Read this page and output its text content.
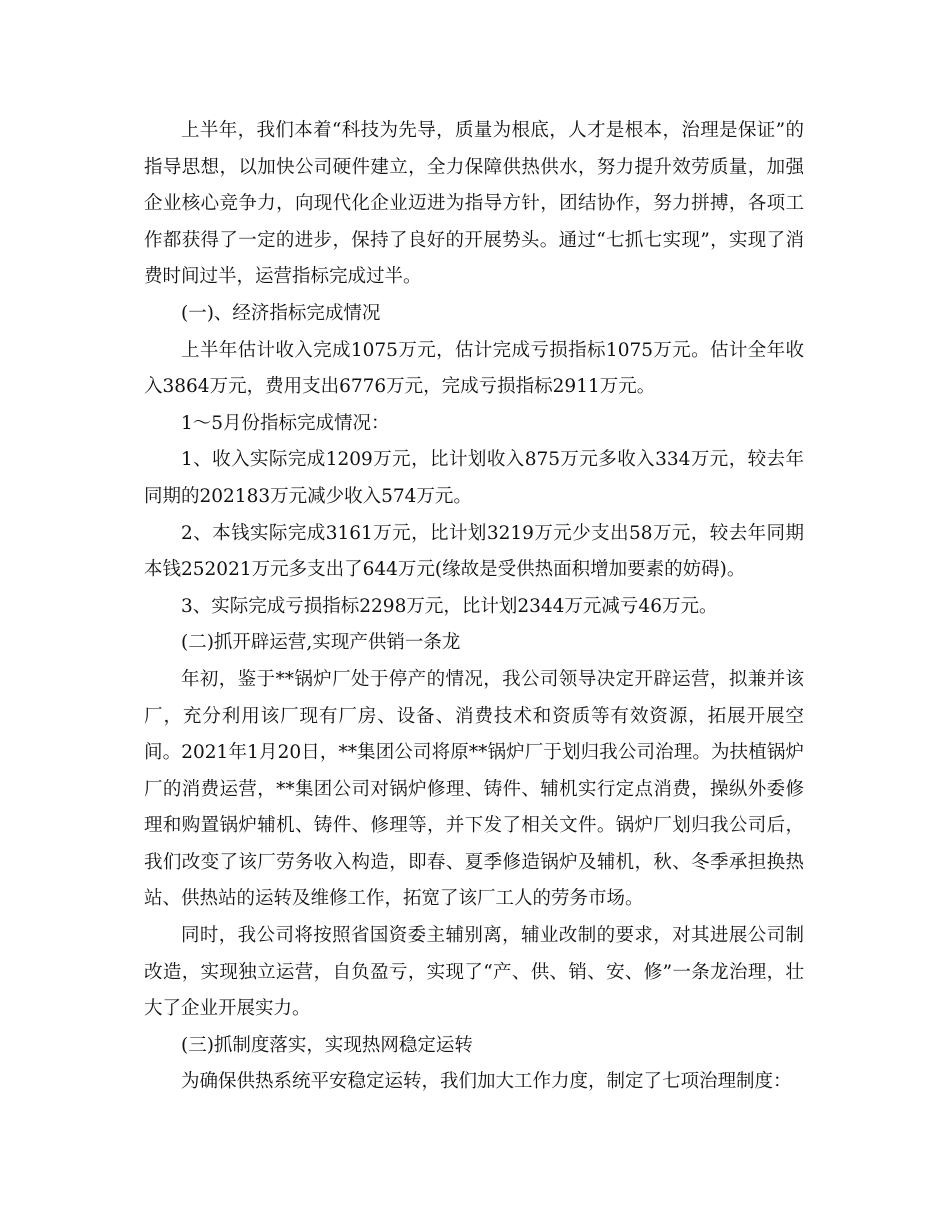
上半年，我们本着“科技为先导，质量为根底，人才是根本，治理是保证”的指导思想，以加快公司硬件建立，全力保障供热供水，努力提升效劳质量，加强企业核心竞争力，向现代化企业迈进为指导方针，团结协作，努力拼搏，各项工作都获得了一定的进步，保持了良好的开展势头。通过“七抓七实现”，实现了消费时间过半，运营指标完成过半。

(一)、经济指标完成情况

上半年估计收入完成1075万元，估计完成亏损指标1075万元。估计全年收入3864万元，费用支出6776万元，完成亏损指标2911万元。

1～5月份指标完成情况：

1、收入实际完成1209万元，比计划收入875万元多收入334万元，较去年同期的202183万元减少收入574万元。

2、本钱实际完成3161万元，比计划3219万元少支出58万元，较去年同期本钱252021万元多支出了644万元(缘故是受供热面积增加要素的妨碍)。

3、实际完成亏损指标2298万元，比计划2344万元减亏46万元。

(二)抓开辟运营,实现产供销一条龙

年初，鉴于**锅炉厂处于停产的情况，我公司领导决定开辟运营，拟兼并该厂，充分利用该厂现有厂房、设备、消费技术和资质等有效资源，拓展开展空间。2021年1月20日，**集团公司将原**锅炉厂于划归我公司治理。为扶植锅炉厂的消费运营，**集团公司对锅炉修理、铸件、辅机实行定点消费，操纵外委修理和购置锅炉辅机、铸件、修理等，并下发了相关文件。锅炉厂划归我公司后，我们改变了该厂劳务收入构造，即春、夏季修造锅炉及辅机，秋、冬季承担换热站、供热站的运转及维修工作，拓宽了该厂工人的劳务市场。

同时，我公司将按照省国资委主辅别离，辅业改制的要求，对其进展公司制改造，实现独立运营，自负盈亏，实现了“产、供、销、安、修”一条龙治理，壮大了企业开展实力。

(三)抓制度落实，实现热网稳定运转

为确保供热系统平安稳定运转，我们加大工作力度，制定了七项治理制度：
